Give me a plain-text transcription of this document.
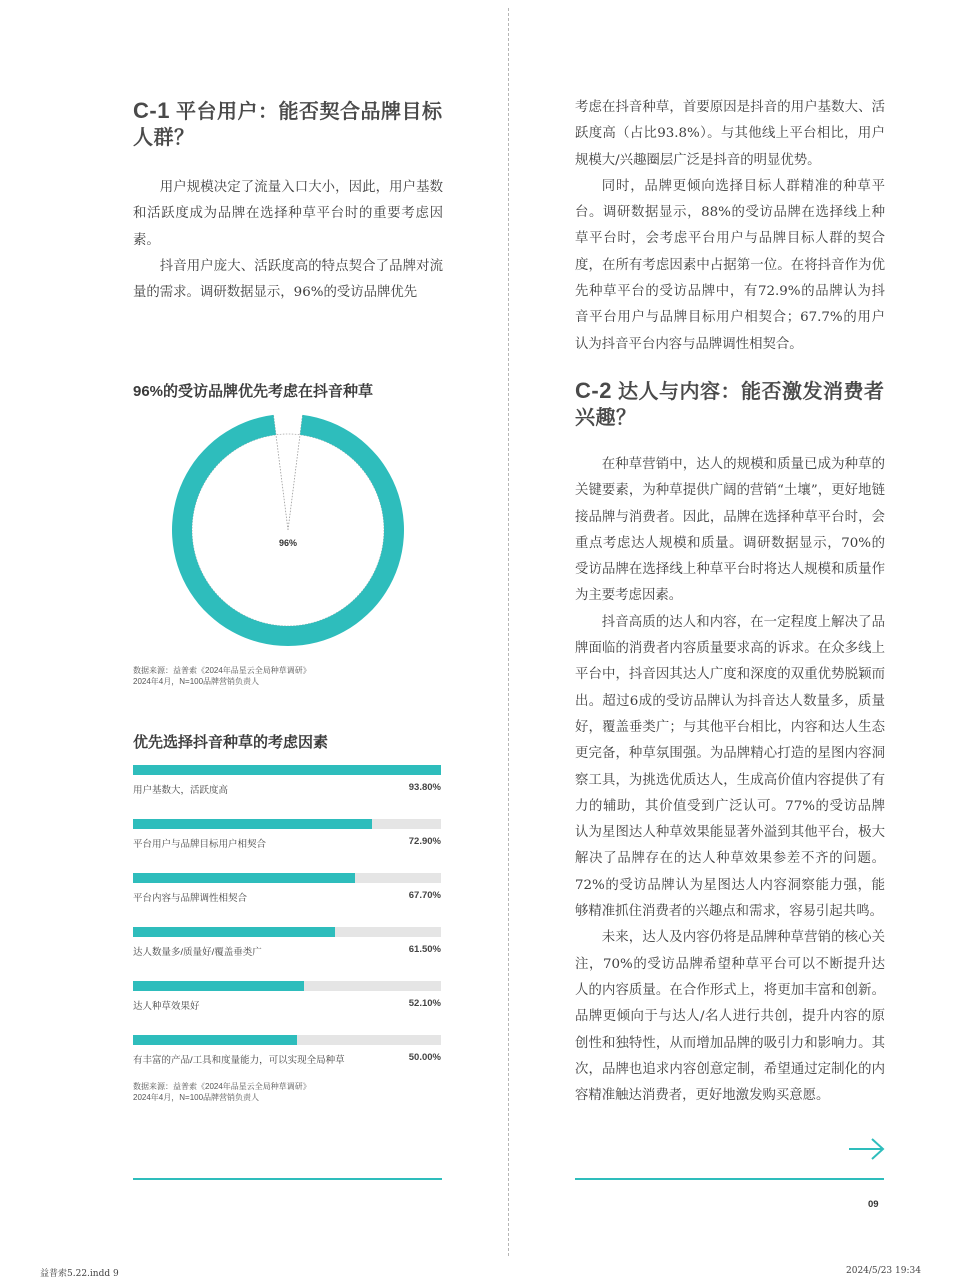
C-1 平台用户：能否契合品牌目标
人群？

用户规模决定了流量入口大小，因此，用户基数和活跃度成为品牌在选择种草平台时的重要考虑因素。

抖音用户庞大、活跃度高的特点契合了品牌对流量的需求。调研数据显示，96%的受访品牌优先

96%的受访品牌优先考虑在抖音种草
96%
数据来源：益普索《2024年品星云全局种草调研》
2024年4月，N=100品牌营销负责人
优先选择抖音种草的考虑因素
用户基数大，活跃度高	93.80%
平台用户与品牌目标用户相契合	72.90%
平台内容与品牌调性相契合	67.70%
达人数量多/质量好/覆盖垂类广	61.50%
达人种草效果好	52.10%
有丰富的产品/工具和度量能力，可以实现全局种草	50.00%
数据来源：益普索《2024年品星云全局种草调研》
2024年4月，N=100品牌营销负责人

考虑在抖音种草，首要原因是抖音的用户基数大、活跃度高（占比93.8%）。与其他线上平台相比，用户规模大/兴趣圈层广泛是抖音的明显优势。

同时，品牌更倾向选择目标人群精准的种草平台。调研数据显示，88%的受访品牌在选择线上种草平台时，会考虑平台用户与品牌目标人群的契合度，在所有考虑因素中占据第一位。在将抖音作为优先种草平台的受访品牌中，有72.9%的品牌认为抖音平台用户与品牌目标用户相契合；67.7%的用户认为抖音平台内容与品牌调性相契合。

C-2 达人与内容：能否激发消费者
兴趣？

在种草营销中，达人的规模和质量已成为种草的关键要素，为种草提供广阔的营销“土壤”，更好地链接品牌与消费者。因此，品牌在选择种草平台时，会重点考虑达人规模和质量。调研数据显示，70%的受访品牌在选择线上种草平台时将达人规模和质量作为主要考虑因素。

抖音高质的达人和内容，在一定程度上解决了品牌面临的消费者内容质量要求高的诉求。在众多线上平台中，抖音因其达人广度和深度的双重优势脱颖而出。超过6成的受访品牌认为抖音达人数量多，质量好，覆盖垂类广；与其他平台相比，内容和达人生态更完备，种草氛围强。为品牌精心打造的星图内容洞察工具，为挑选优质达人，生成高价值内容提供了有力的辅助，其价值受到广泛认可。77%的受访品牌认为星图达人种草效果能显著外溢到其他平台，极大解决了品牌存在的达人种草效果参差不齐的问题。72%的受访品牌认为星图达人内容洞察能力强，能够精准抓住消费者的兴趣点和需求，容易引起共鸣。

未来，达人及内容仍将是品牌种草营销的核心关注，70%的受访品牌希望种草平台可以不断提升达人的内容质量。在合作形式上，将更加丰富和创新。品牌更倾向于与达人/名人进行共创，提升内容的原创性和独特性，从而增加品牌的吸引力和影响力。其次，品牌也追求内容创意定制，希望通过定制化的内容精准触达消费者，更好地激发购买意愿。

09
益普索5.22.indd 9	2024/5/23 19:34
